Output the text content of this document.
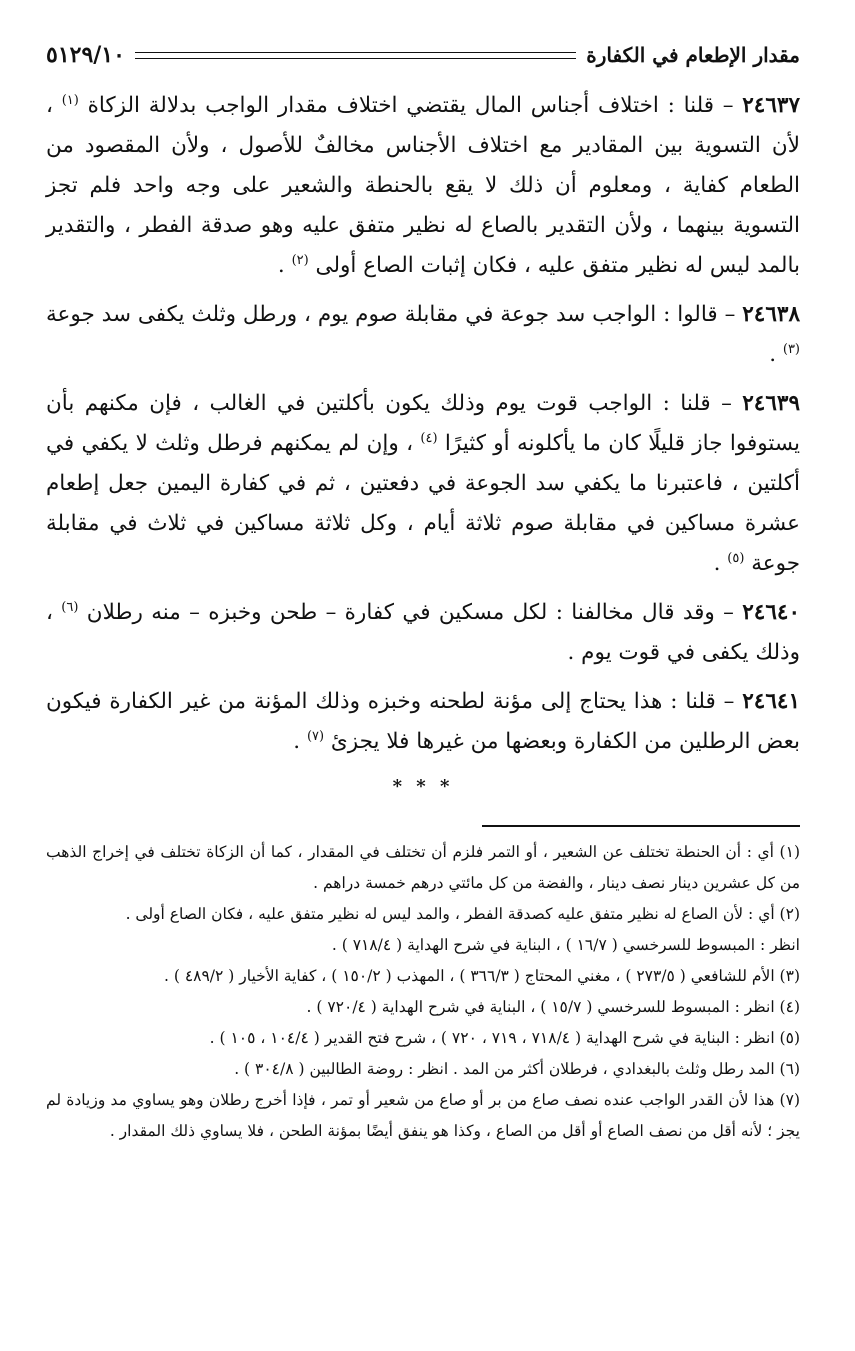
مقدار الإطعام في الكفارة
٥١٢٩/١٠

٢٤٦٣٧ – قلنا : اختلاف أجناس المال يقتضي اختلاف مقدار الواجب بدلالة الزكاة $^{(١)}$ ، لأن التسوية بين المقادير مع اختلاف الأجناس مخالفٌ للأصول ، ولأن المقصود من الطعام كفاية ، ومعلوم أن ذلك لا يقع بالحنطة والشعير على وجه واحد فلم تجز التسوية بينهما ، ولأن التقدير بالصاع له نظير متفق عليه وهو صدقة الفطر ، والتقدير بالمد ليس له نظير متفق عليه ، فكان إثبات الصاع أولى $^{(٢)}$ .

٢٤٦٣٨ – قالوا : الواجب سد جوعة في مقابلة صوم يوم ، ورطل وثلث يكفى سد جوعة $^{(٣)}$ .

٢٤٦٣٩ – قلنا : الواجب قوت يوم وذلك يكون بأكلتين في الغالب ، فإن مكنهم بأن يستوفوا جاز قليلًا كان ما يأكلونه أو كثيرًا $^{(٤)}$ ، وإن لم يمكنهم فرطل وثلث لا يكفي في أكلتين ، فاعتبرنا ما يكفي سد الجوعة في دفعتين ، ثم في كفارة اليمين جعل إطعام عشرة مساكين في مقابلة صوم ثلاثة أيام ، وكل ثلاثة مساكين في ثلاث في مقابلة جوعة $^{(٥)}$ .

٢٤٦٤٠ – وقد قال مخالفنا : لكل مسكين في كفارة – طحن وخبزه – منه رطلان $^{(٦)}$ ، وذلك يكفى في قوت يوم .

٢٤٦٤١ – قلنا : هذا يحتاج إلى مؤنة لطحنه وخبزه وذلك المؤنة من غير الكفارة فيكون بعض الرطلين من الكفارة وبعضها من غيرها فلا يجزئ $^{(٧)}$ .

* * *

(١) أي : أن الحنطة تختلف عن الشعير ، أو التمر فلزم أن تختلف في المقدار ، كما أن الزكاة تختلف في إخراج الذهب من كل عشرين دينار نصف دينار ، والفضة من كل مائتي درهم خمسة دراهم .

(٢) أي : لأن الصاع له نظير متفق عليه كصدقة الفطر ، والمد ليس له نظير متفق عليه ، فكان الصاع أولى .

انظر : المبسوط للسرخسي ( ١٦/٧ ) ، البناية في شرح الهداية ( ٧١٨/٤ ) .

(٣) الأم للشافعي ( ٢٧٣/٥ ) ، مغني المحتاج ( ٣٦٦/٣ ) ، المهذب ( ١٥٠/٢ ) ، كفاية الأخيار ( ٤٨٩/٢ ) .

(٤) انظر : المبسوط للسرخسي ( ١٥/٧ ) ، البناية في شرح الهداية ( ٧٢٠/٤ ) .

(٥) انظر : البناية في شرح الهداية ( ٧١٨/٤ ، ٧١٩ ، ٧٢٠ ) ، شرح فتح القدير ( ١٠٤/٤ ، ١٠٥ ) .

(٦) المد رطل وثلث بالبغدادي ، فرطلان أكثر من المد . انظر : روضة الطالبين ( ٣٠٤/٨ ) .

(٧) هذا لأن القدر الواجب عنده نصف صاع من بر أو صاع من شعير أو تمر ، فإذا أخرج رطلان وهو يساوي مد وزيادة لم يجز ؛ لأنه أقل من نصف الصاع أو أقل من الصاع ، وكذا هو ينفق أيضًا بمؤنة الطحن ، فلا يساوي ذلك المقدار .
